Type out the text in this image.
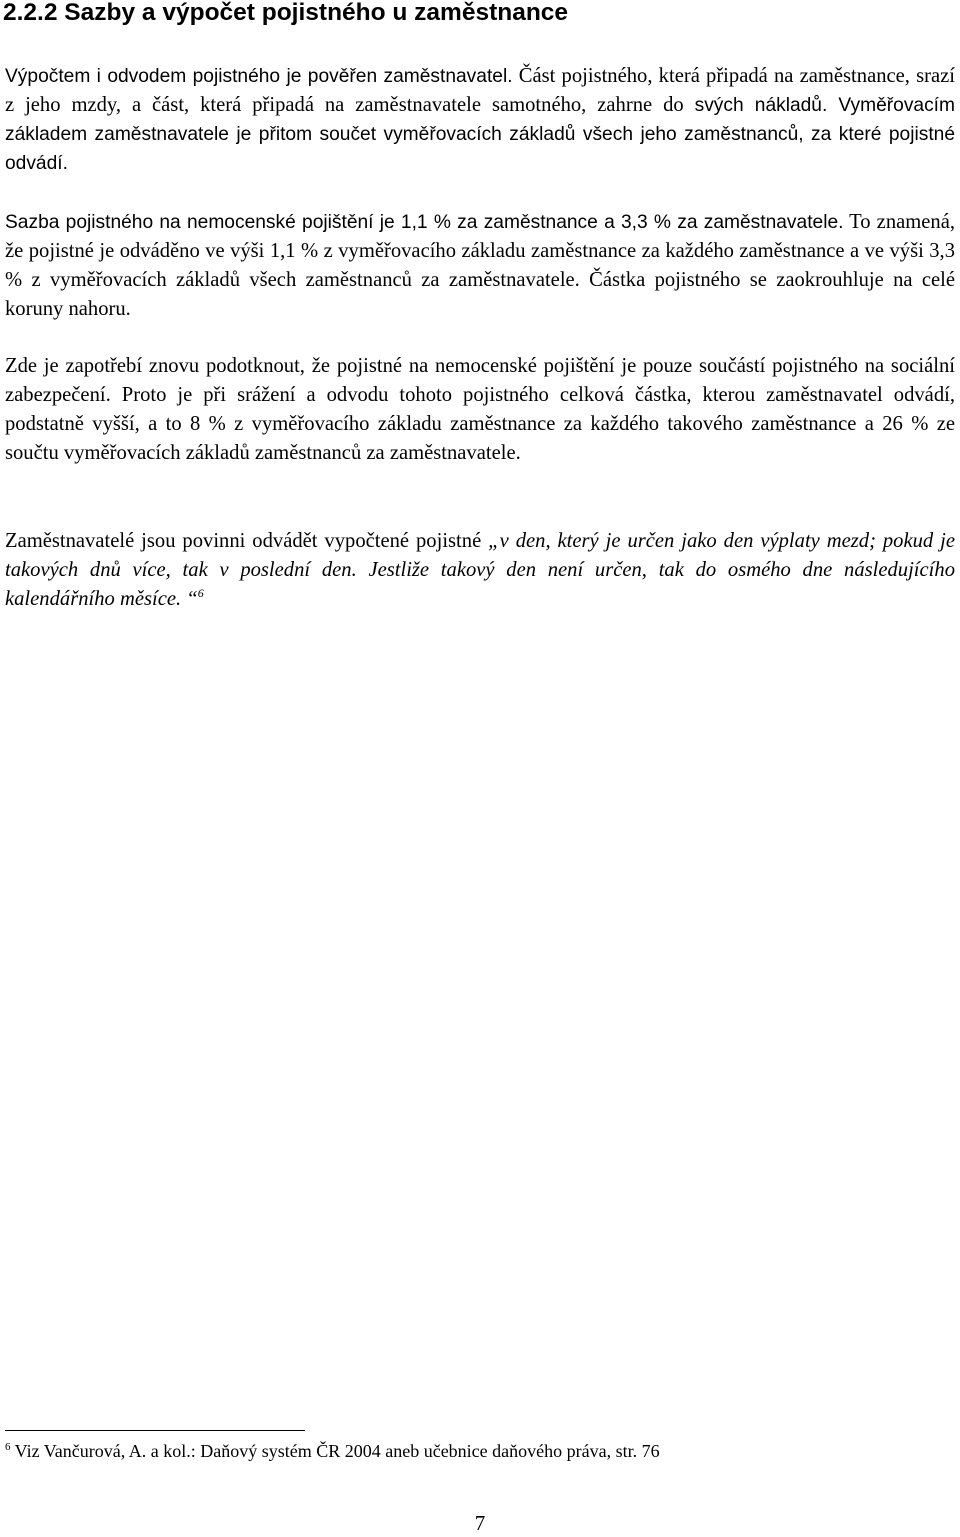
2.2.2 Sazby a výpočet pojistného u zaměstnance

Výpočtem i odvodem pojistného je pověřen zaměstnavatel. Část pojistného, která připadá na zaměstnance, srazí z jeho mzdy, a část, která připadá na zaměstnavatele samotného, zahrne do svých nákladů. Vyměřovacím základem zaměstnavatele je přitom součet vyměřovacích základů všech jeho zaměstnanců, za které pojistné odvádí.

Sazba pojistného na nemocenské pojištění je 1,1 % za zaměstnance a 3,3 % za zaměstnavatele. To znamená, že pojistné je odváděno ve výši 1,1 % z vyměřovacího základu zaměstnance za každého zaměstnance a ve výši 3,3 % z vyměřovacích základů všech zaměstnanců za zaměstnavatele. Částka pojistného se zaokrouhluje na celé koruny nahoru.

Zde je zapotřebí znovu podotknout, že pojistné na nemocenské pojištění je pouze součástí pojistného na sociální zabezpečení. Proto je při srážení a odvodu tohoto pojistného celková částka, kterou zaměstnavatel odvádí, podstatně vyšší, a to 8 % z vyměřovacího základu zaměstnance za každého takového zaměstnance a 26 % ze součtu vyměřovacích základů zaměstnanců za zaměstnavatele.

Zaměstnavatelé jsou povinni odvádět vypočtené pojistné „v den, který je určen jako den výplaty mezd; pokud je takových dnů více, tak v poslední den. Jestliže takový den není určen, tak do osmého dne následujícího kalendářního měsíce. “$^6$

$^6$ Viz Vančurová, A. a kol.: Daňový systém ČR 2004 aneb učebnice daňového práva, str. 76

7
